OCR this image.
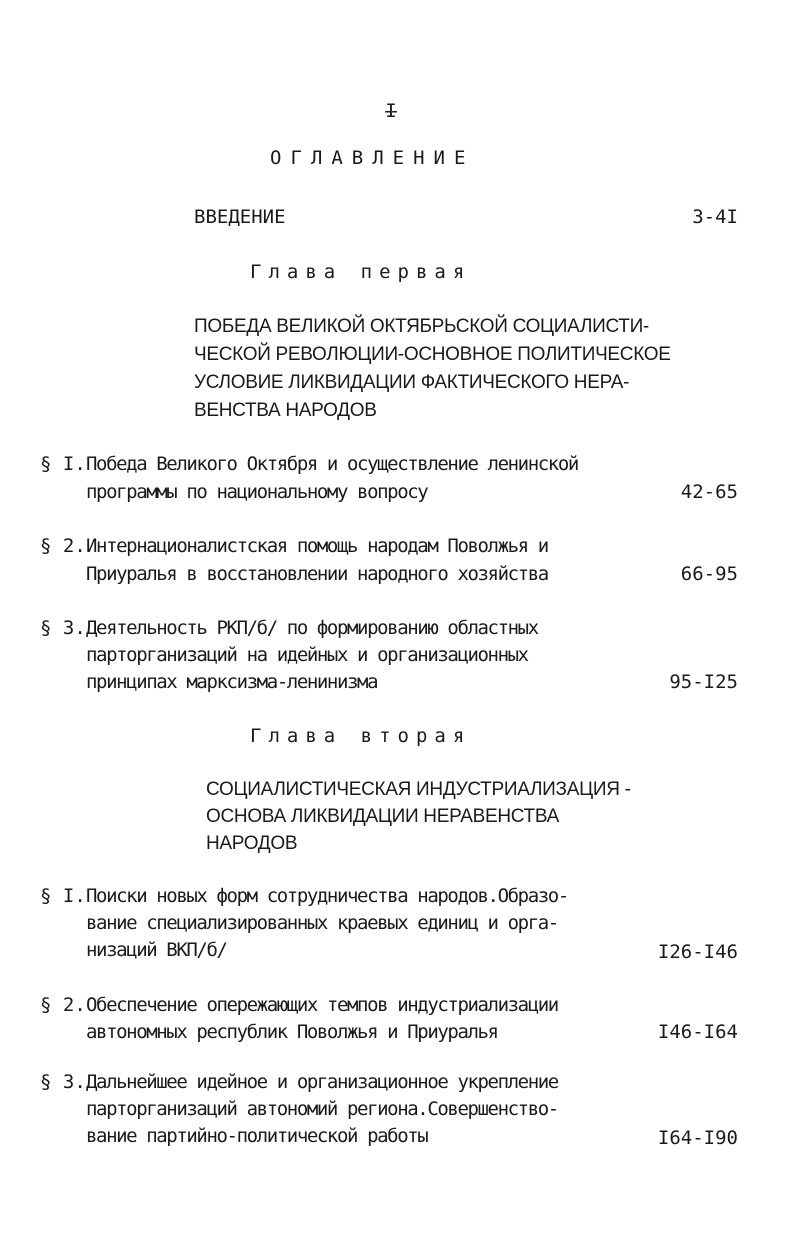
-I-
ОГЛАВЛЕНИЕ
ВВЕДЕНИЕ	3-4I
Глава первая

ПОБЕДА ВЕЛИКОЙ ОКТЯБРЬСКОЙ СОЦИАЛИСТИ-

ЧЕСКОЙ РЕВОЛЮЦИИ-ОСНОВНОЕ ПОЛИТИЧЕСКОЕ

УСЛОВИЕ ЛИКВИДАЦИИ ФАКТИЧЕСКОГО НЕРА-

ВЕНСТВА НАРОДОВ

§ I. Победа Великого Октября и осуществление ленинской
программы по национальному вопросу	42-65
§ 2. Интернационалистская помощь народам Поволжья и
Приуралья в восстановлении народного хозяйства	66-95
§ 3. Деятельность РКП/б/ по формированию областных
парторганизаций на идейных и организационных
принципах марксизма-ленинизма	95-I25
Глава вторая

СОЦИАЛИСТИЧЕСКАЯ ИНДУСТРИАЛИЗАЦИЯ -

ОСНОВА ЛИКВИДАЦИИ НЕРАВЕНСТВА

НАРОДОВ

§ I. Поиски новых форм сотрудничества народов.Образо-
вание специализированных краевых единиц и орга-
низаций ВКП/б/	I26-I46
§ 2. Обеспечение опережающих темпов индустриализации
автономных республик Поволжья и Приуралья	I46-I64
§ 3. Дальнейшее идейное и организационное укрепление
парторганизаций автономий региона.Совершенство-
вание партийно-политической работы	I64-I90
